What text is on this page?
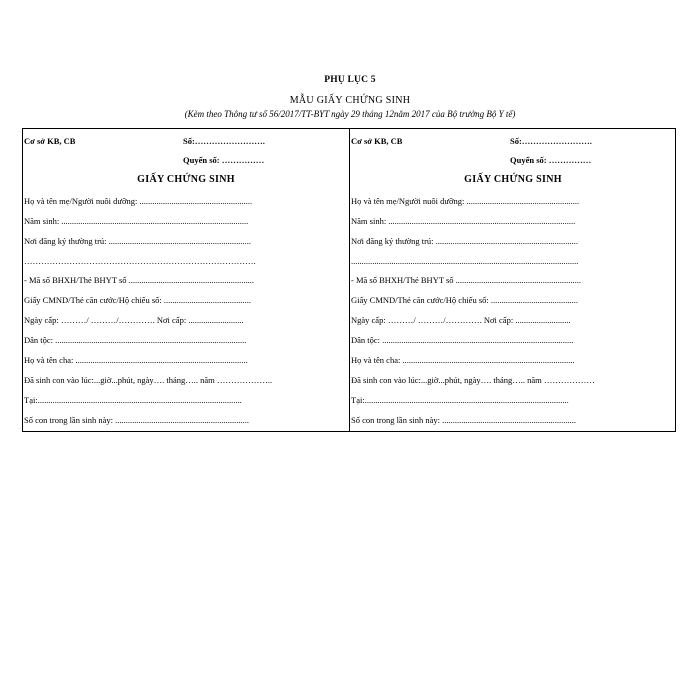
PHỤ LỤC 5
MẪU GIẤY CHỨNG SINH
(Kèm theo Thông tư số 56/2017/TT-BYT ngày 29 tháng 12năm 2017 của Bộ trưởng Bộ Y tế)
Cơ sở KB, CB	Số:…………………….
Quyển số: ……………
GIẤY CHỨNG SINH
Họ và tên mẹ/Người nuôi dưỡng: .....................................................
Năm sinh: ........................................................................................
Nơi đăng ký thường trú: ...................................................................
……………………………………………………………………….
- Mã số BHXH/Thẻ BHYT số ...........................................................
Giấy CMND/Thẻ căn cước/Hộ chiếu số: .........................................
Ngày cấp: ………/ ………/…………. Nơi cấp: ..........................
Dân tộc: ..........................................................................................
Họ và tên cha: .................................................................................
Đã sinh con vào lúc:...giờ...phút, ngày…. tháng….. năm ………………..
Tại:................................................................................................
Số con trong lần sinh này: ...............................................................
Cơ sở KB, CB	Số:…………………….
Quyển số: ……………
GIẤY CHỨNG SINH
Họ và tên mẹ/Người nuôi dưỡng: .....................................................
Năm sinh: ........................................................................................
Nơi đăng ký thường trú: ...................................................................
...........................................................................................................
- Mã số BHXH/Thẻ BHYT số ...........................................................
Giấy CMND/Thẻ căn cước/Hộ chiếu số: .........................................
Ngày cấp: ………/ ………/…………. Nơi cấp: ..........................
Dân tộc: ..........................................................................................
Họ và tên cha: .................................................................................
Đã sinh con vào lúc:...giờ...phút, ngày…. tháng….. năm ………………
Tại:................................................................................................
Số con trong lần sinh này: ...............................................................
